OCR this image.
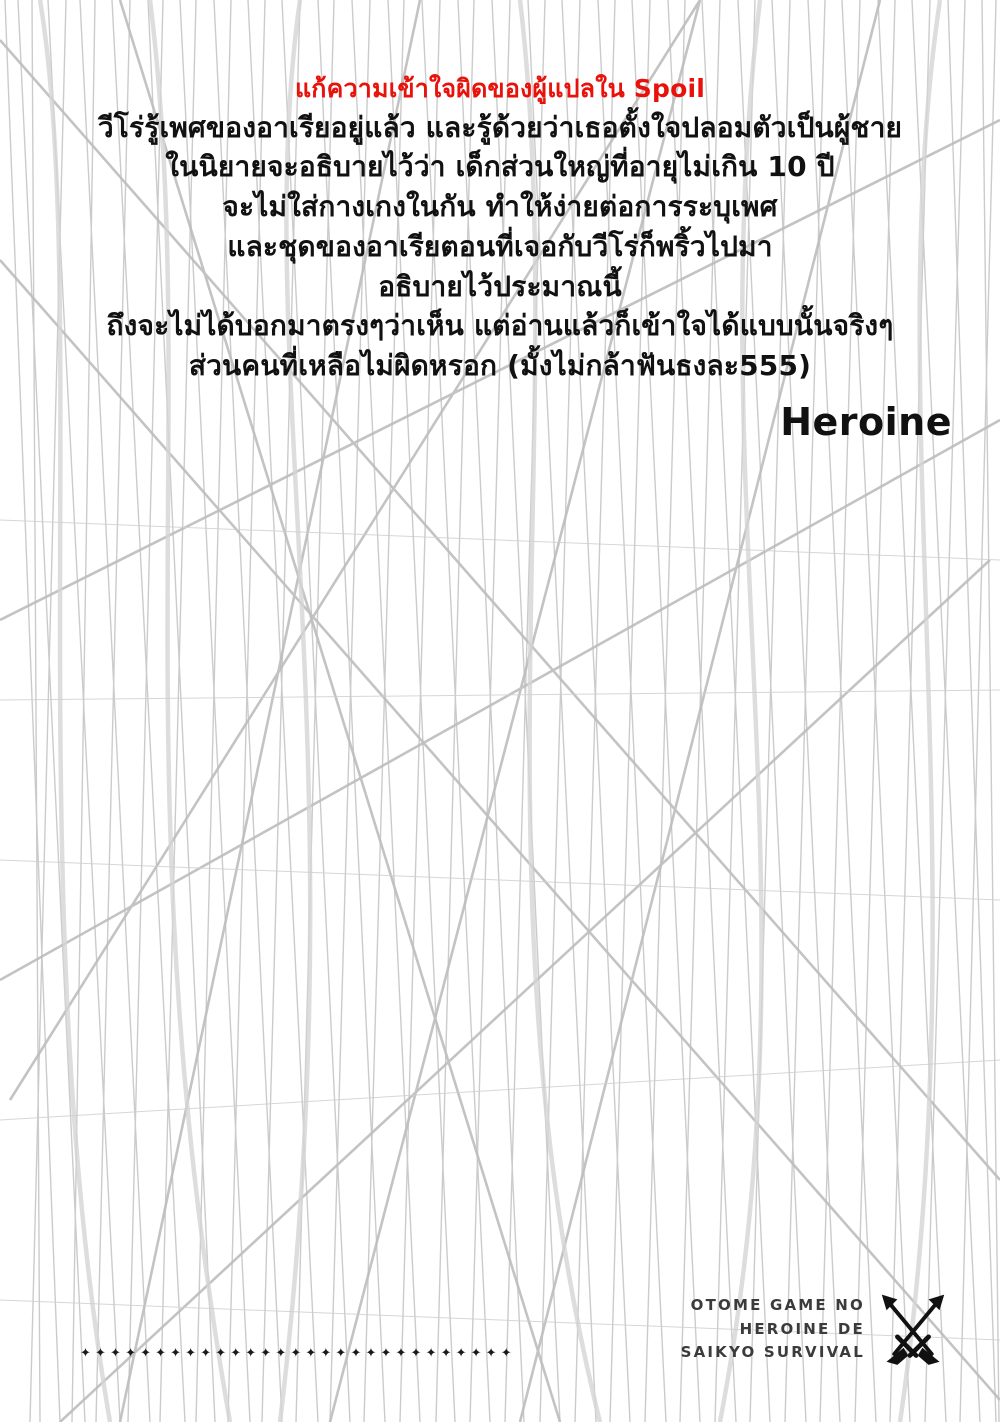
แก้ความเข้าใจผิดของผู้แปลใน Spoil
วีโร่รู้เพศของอาเรียอยู่แล้ว และรู้ด้วยว่าเธอตั้งใจปลอมตัวเป็นผู้ชาย
ในนิยายจะอธิบายไว้ว่า เด็กส่วนใหญ่ที่อายุไม่เกิน 10 ปี
จะไม่ใส่กางเกงในกัน ทำให้ง่ายต่อการระบุเพศ
และชุดของอาเรียตอนที่เจอกับวีโร่ก็พริ้วไปมา
อธิบายไว้ประมาณนี้
ถึงจะไม่ได้บอกมาตรงๆว่าเห็น แต่อ่านแล้วก็เข้าใจได้แบบนั้นจริงๆ
ส่วนคนที่เหลือไม่ผิดหรอก (มั้งไม่กล้าฟันธงละ555)
Heroine
✦ ✦ ✦ ✦ ✦ ✦ ✦ ✦ ✦ ✦ ✦ ✦ ✦ ✦ ✦ ✦ ✦ ✦ ✦ ✦ ✦ ✦ ✦ ✦ ✦ ✦ ✦ ✦ ✦
OTOME GAME NO
HEROINE DE
SAIKYO SURVIVAL
